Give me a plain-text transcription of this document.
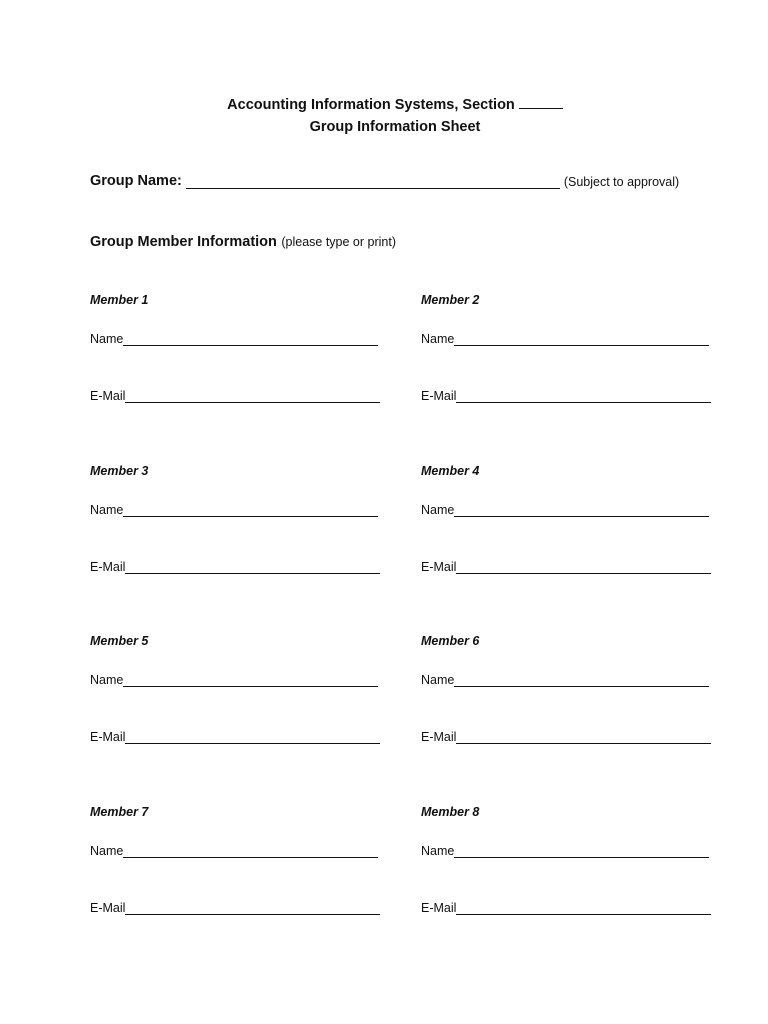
Accounting Information Systems, Section
Group Information Sheet
Group Name:	(Subject to approval)
Group Member Information (please type or print)
Member 1
Name
E-Mail
Member 2
Name
E-Mail
Member 3
Name
E-Mail
Member 4
Name
E-Mail
Member 5
Name
E-Mail
Member 6
Name
E-Mail
Member 7
Name
E-Mail
Member 8
Name
E-Mail
